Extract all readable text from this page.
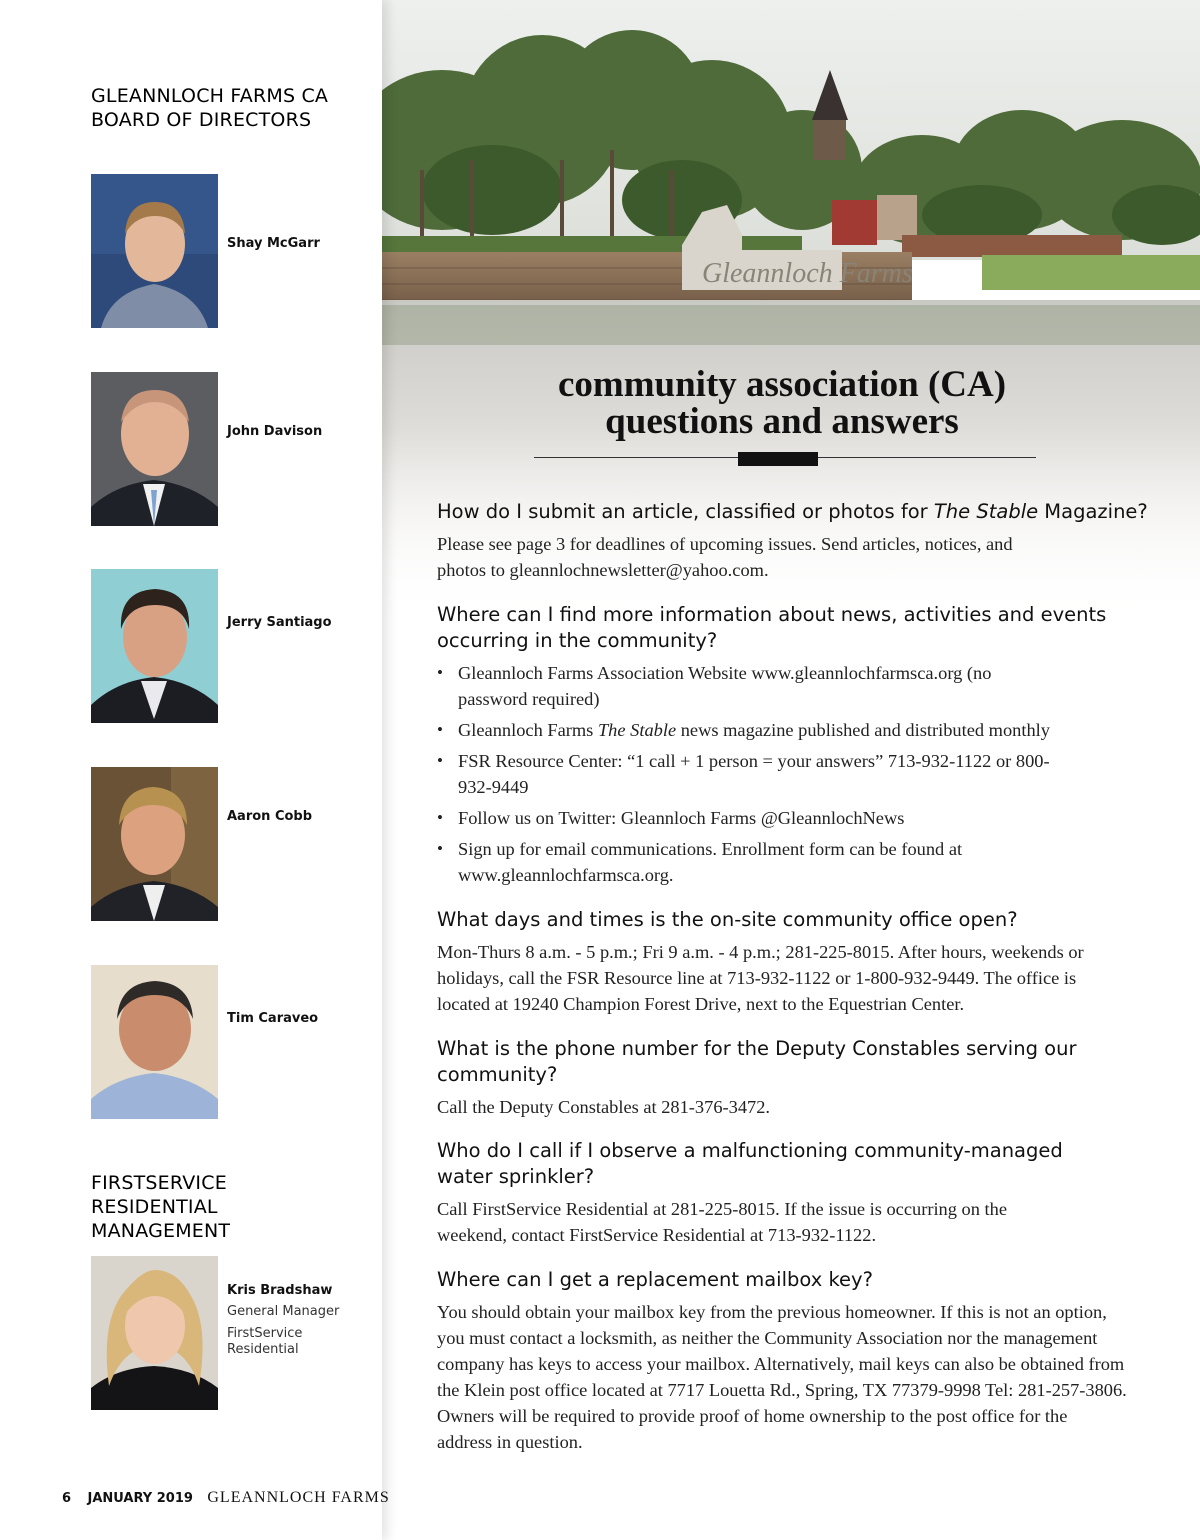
Gleannloch Farms
GLEANNLOCH FARMS CA BOARD OF DIRECTORS
Shay McGarr
John Davison
Jerry Santiago
Aaron Cobb
Tim Caraveo
FIRSTSERVICE RESIDENTIAL MANAGEMENT
Kris Bradshaw
General Manager
FirstService Residential
community association (CA)
questions and answers
How do I submit an article, classified or photos for The Stable Magazine?

Please see page 3 for deadlines of upcoming issues. Send articles, notices, and photos to gleannlochnewsletter@yahoo.com.

Where can I find more information about news, activities and events occurring in the community?
• Gleannloch Farms Association Website www.gleannlochfarmsca.org (no password required)
• Gleannloch Farms The Stable news magazine published and distributed monthly
• FSR Resource Center: “1 call + 1 person = your answers” 713-932-1122 or 800-932-9449
• Follow us on Twitter: Gleannloch Farms @GleannlochNews
• Sign up for email communications. Enrollment form can be found at www.gleannlochfarmsca.org.
What days and times is the on-site community office open?

Mon-Thurs 8 a.m. - 5 p.m.; Fri 9 a.m. - 4 p.m.; 281-225-8015. After hours, weekends or holidays, call the FSR Resource line at 713-932-1122 or 1-800-932-9449. The office is located at 19240 Champion Forest Drive, next to the Equestrian Center.

What is the phone number for the Deputy Constables serving our community?

Call the Deputy Constables at 281-376-3472.

Who do I call if I observe a malfunctioning community-managed water sprinkler?

Call FirstService Residential at 281-225-8015. If the issue is occurring on the weekend, contact FirstService Residential at 713-932-1122.

Where can I get a replacement mailbox key?

You should obtain your mailbox key from the previous homeowner. If this is not an option, you must contact a locksmith, as neither the Community Association nor the management company has keys to access your mailbox. Alternatively, mail keys can also be obtained from the Klein post office located at 7717 Louetta Rd., Spring, TX 77379-9998 Tel: 281-257-3806. Owners will be required to provide proof of home ownership to the post office for the address in question.

6 JANUARY 2019 GLEANNLOCH FARMS
